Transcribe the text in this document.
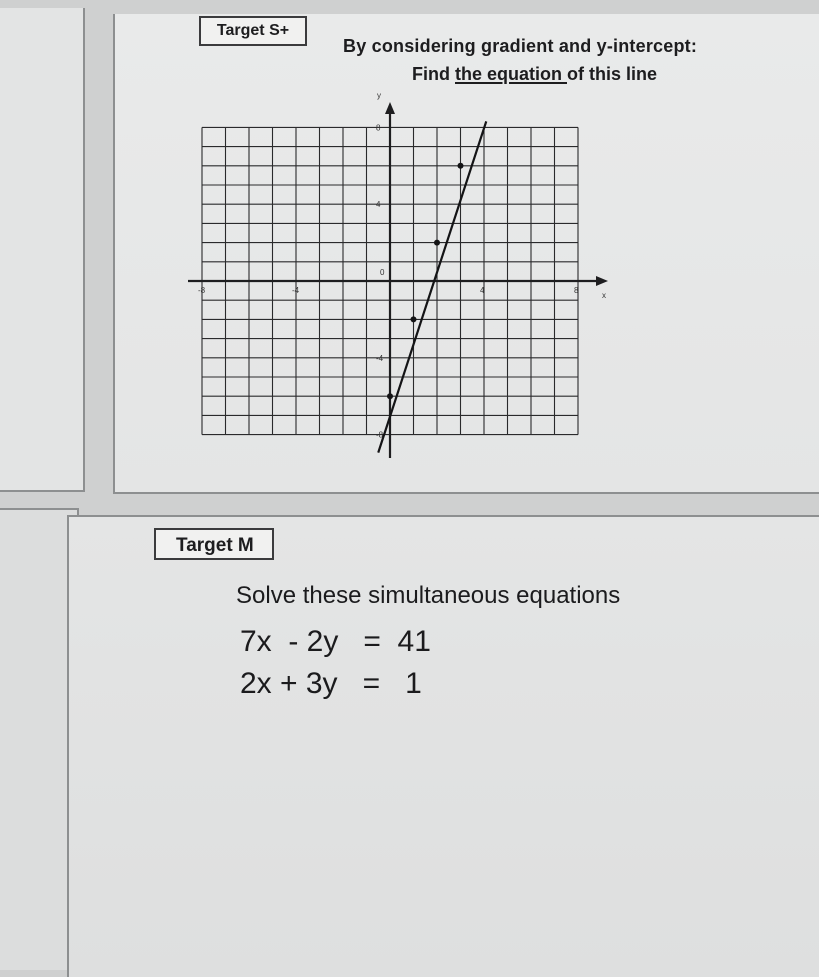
Target S+
By considering gradient and y-intercept:
Find the equation of this line
x
y
0
-8	-4	4	8
8
4
-4
-8
Target M
Solve these simultaneous equations
7x  - 2y   =  41
2x + 3y   =   1
